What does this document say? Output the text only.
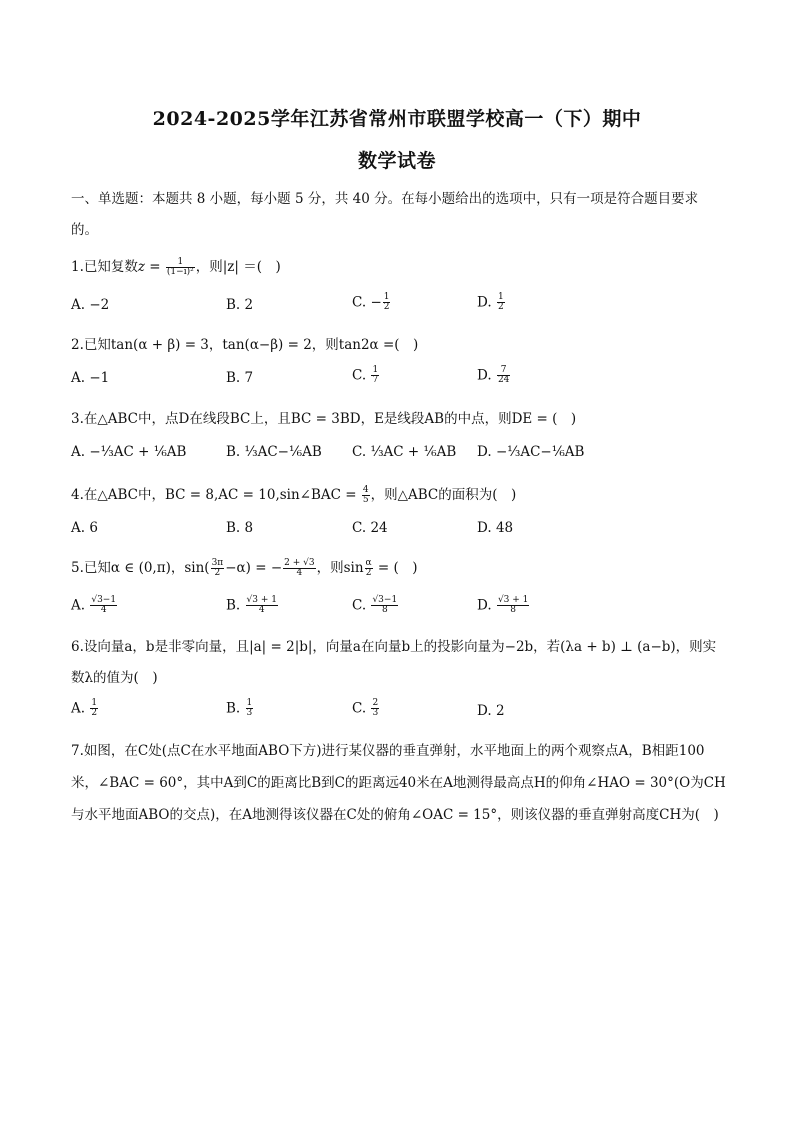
2024-2025学年江苏省常州市联盟学校高一（下）期中
数学试卷
一、单选题：本题共 8 小题，每小题 5 分，共 40 分。在每小题给出的选项中，只有一项是符合题目要求
的。
1.已知复数$z = \frac{1}{\text{(1−i)²}}$ ，则|z| ＝(　)
A. −2	B. 2	C. − $\frac{1}{2}$	D. $\frac{1}{2}$
2.已知tan(α + β) = 3，tan(α−β) = 2，则tan2α =(　)
A. −1	B. 7	C. $\frac{1}{7}$	D. $\frac{7}{24}$
3.在△ABC中，点D在线段BC上，且BC = 3BD，E是线段AB的中点，则DE = (　)
A. −⅓AC + ⅙AB	B. ⅓AC−⅙AB C. ⅓AC + ⅙AB D. −⅓AC−⅙AB
4.在△ABC中，BC = 8,AC = 10,sin∠BAC = $\frac{4}{5}$ ，则△ABC的面积为(　)
A. 6	B. 8	C. 24	D. 48
5.已知α ∈ (0,π)，$\sin( \frac{3\pi}{2} -\alpha)$ = − $\frac{2 + √3}{4}$ ，则$\sin \frac{\alpha}{2}$ = (　)
A. $\frac{√3-1}{4}$	B. $\frac{√3 + 1}{4}$	C. $\frac{√3-1}{8}$	D. $\frac{√3 + 1}{8}$
6.设向量a，b是非零向量，且|a| = 2|b|，向量a在向量b上的投影向量为−2b，若(λa + b) ⊥ (a−b)，则实
数λ的值为(　)
A. $\frac{1}{2}$	B. $\frac{1}{3}$	C. $\frac{2}{3}$	D. 2
7.如图，在C处(点C在水平地面ABO下方)进行某仪器的垂直弹射，水平地面上的两个观察点A，B相距100
米，∠BAC = 60°，其中A到C的距离比B到C的距离远40米在A地测得最高点H的仰角∠HAO = 30°(O为CH
与水平地面ABO的交点)，在A地测得该仪器在C处的俯角∠OAC = 15°，则该仪器的垂直弹射高度CH为(　)
